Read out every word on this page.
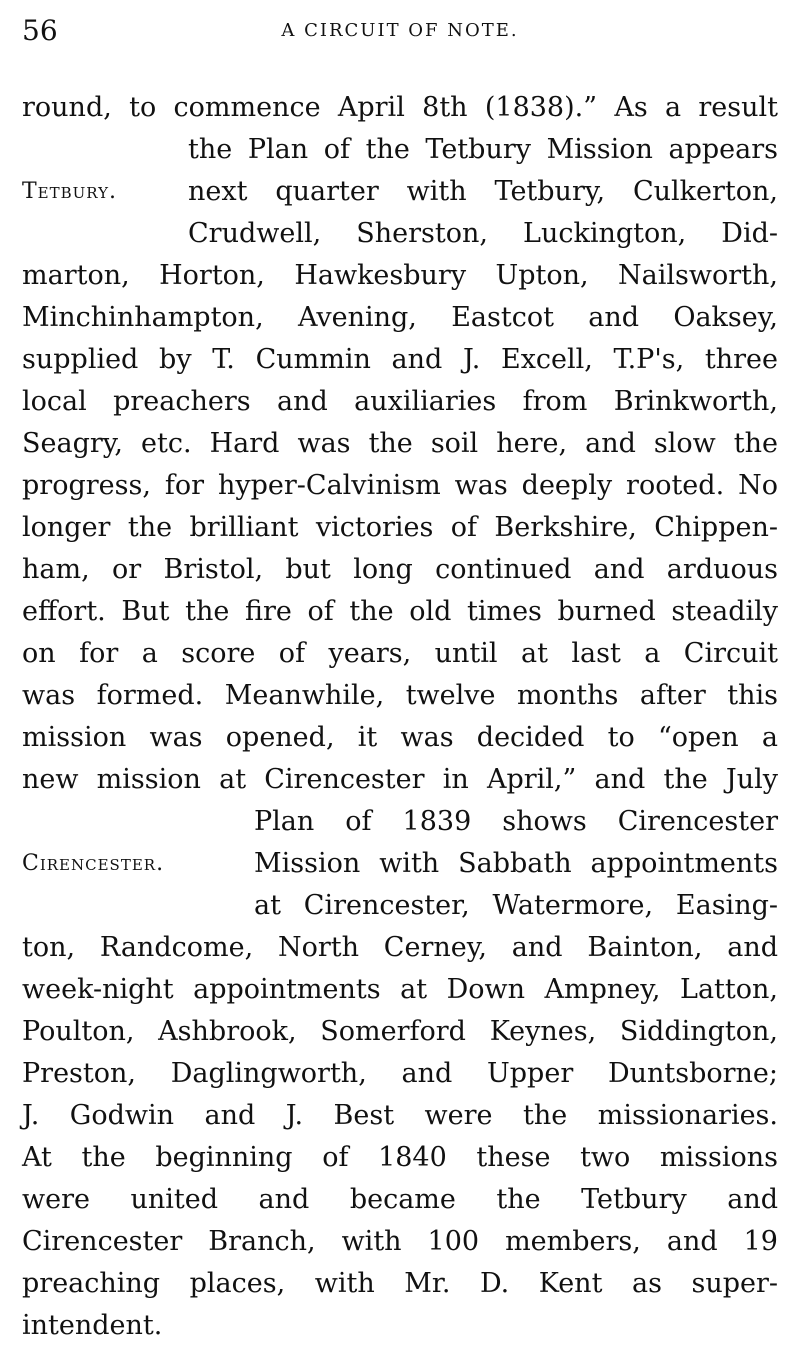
56	A CIRCUIT OF NOTE.
round, to commence April 8th (1838).” As a result
the Plan of the Tetbury Mission appears
Tetbury.	next quarter with Tetbury, Culkerton,
Crudwell, Sherston, Luckington, Did-
marton, Horton, Hawkesbury Upton, Nailsworth,
Minchinhampton, Avening, Eastcot and Oaksey,
supplied by T. Cummin and J. Excell, T.P's, three
local preachers and auxiliaries from Brinkworth,
Seagry, etc. Hard was the soil here, and slow the
progress, for hyper-Calvinism was deeply rooted. No
longer the brilliant victories of Berkshire, Chippen-
ham, or Bristol, but long continued and arduous
effort. But the fire of the old times burned steadily
on for a score of years, until at last a Circuit
was formed. Meanwhile, twelve months after this
mission was opened, it was decided to “open a
new mission at Cirencester in April,” and the July
Plan of 1839 shows Cirencester
Cirencester.	Mission with Sabbath appointments
at Cirencester, Watermore, Easing-
ton, Randcome, North Cerney, and Bainton, and
week-night appointments at Down Ampney, Latton,
Poulton, Ashbrook, Somerford Keynes, Siddington,
Preston, Daglingworth, and Upper Duntsborne;
J. Godwin and J. Best were the missionaries.
At the beginning of 1840 these two missions
were united and became the Tetbury and
Cirencester Branch, with 100 members, and 19
preaching places, with Mr. D. Kent as super-
intendent.
